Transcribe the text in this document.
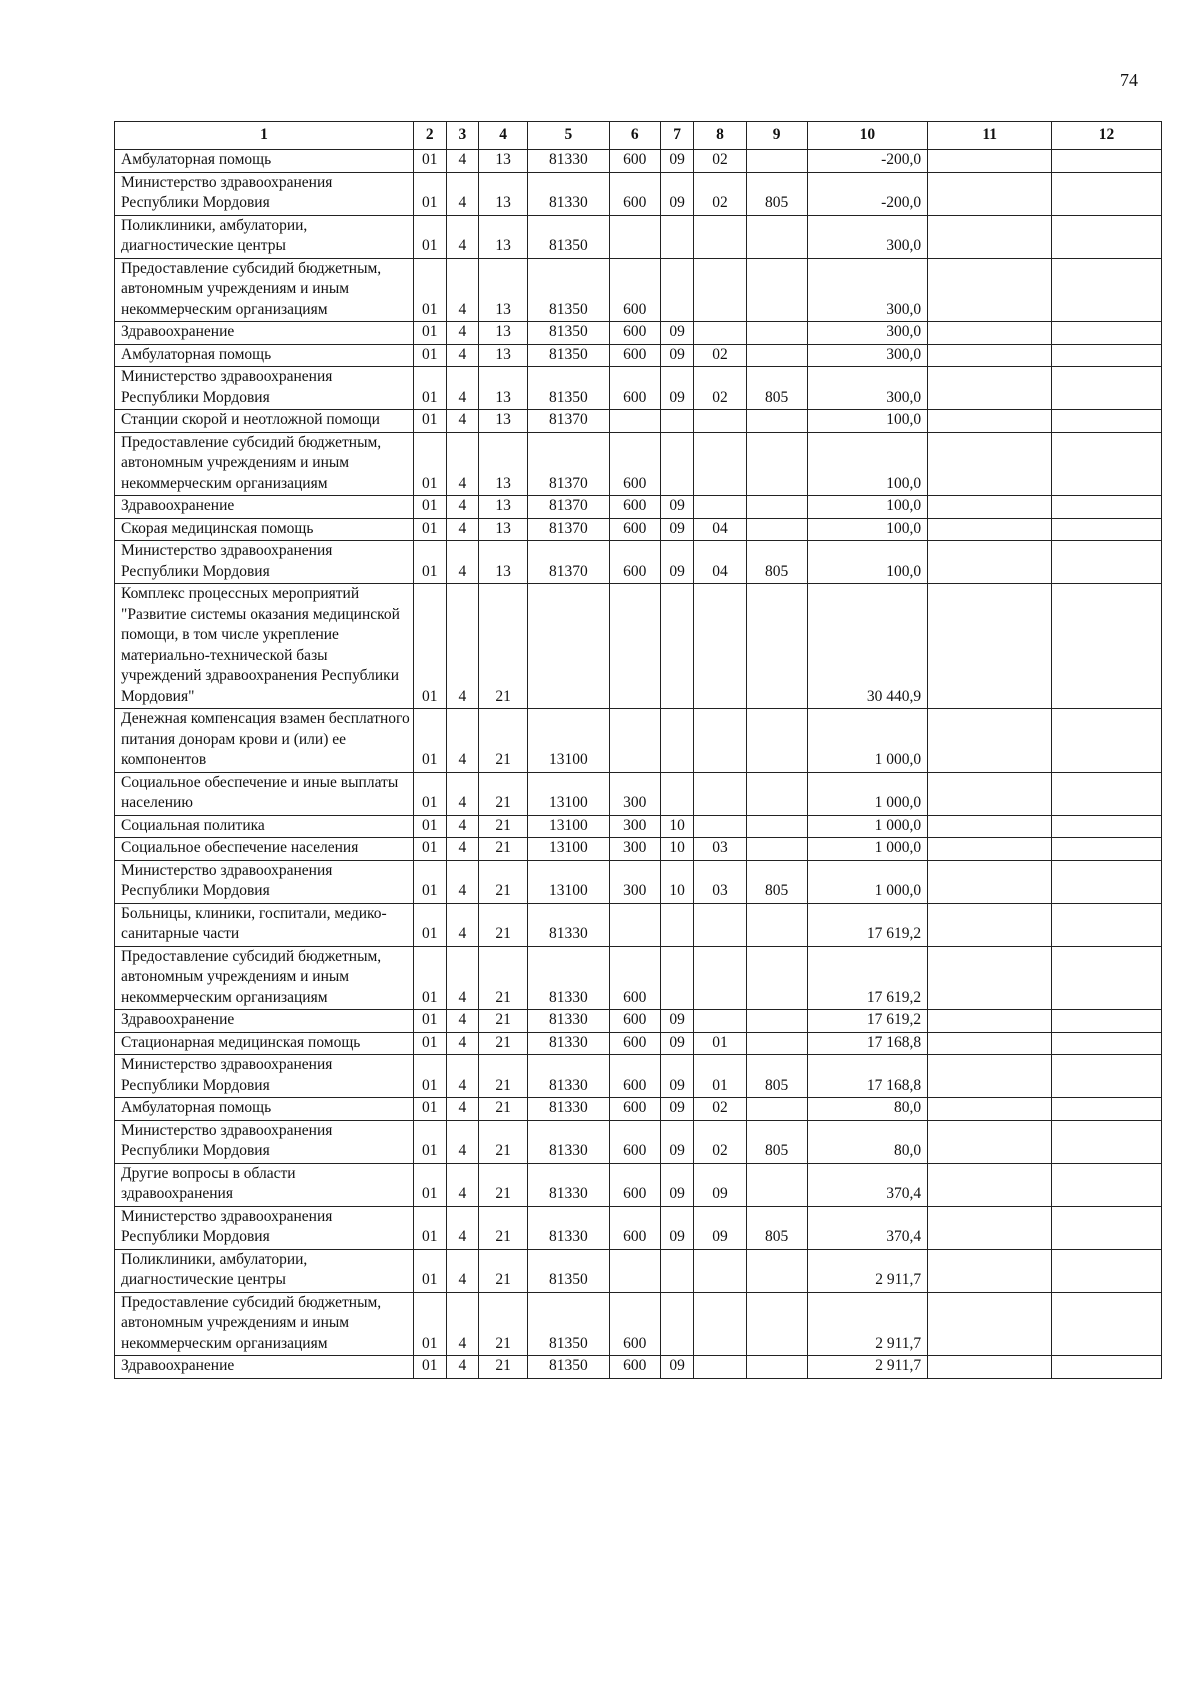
74
1	2	3	4	5	6	7	8	9	10	11	12
Амбулаторная помощь	01	4	13	81330	600	09	02		-200,0		
Министерство здравоохранения Республики Мордовия	01	4	13	81330	600	09	02	805	-200,0		
Поликлиники, амбулатории, диагностические центры	01	4	13	81350					300,0		
Предоставление субсидий бюджетным, автономным учреждениям и иным некоммерческим организациям	01	4	13	81350	600				300,0		
Здравоохранение	01	4	13	81350	600	09			300,0		
Амбулаторная помощь	01	4	13	81350	600	09	02		300,0		
Министерство здравоохранения Республики Мордовия	01	4	13	81350	600	09	02	805	300,0		
Станции скорой и неотложной помощи	01	4	13	81370					100,0		
Предоставление субсидий бюджетным, автономным учреждениям и иным некоммерческим организациям	01	4	13	81370	600				100,0		
Здравоохранение	01	4	13	81370	600	09			100,0		
Скорая медицинская помощь	01	4	13	81370	600	09	04		100,0		
Министерство здравоохранения Республики Мордовия	01	4	13	81370	600	09	04	805	100,0		
Комплекс процессных мероприятий "Развитие системы оказания медицинской помощи, в том числе укрепление материально-технической базы учреждений здравоохранения Республики Мордовия"	01	4	21						30 440,9		
Денежная компенсация взамен бесплатного питания донорам крови и (или) ее компонентов	01	4	21	13100					1 000,0		
Социальное обеспечение и иные выплаты населению	01	4	21	13100	300				1 000,0		
Социальная политика	01	4	21	13100	300	10			1 000,0		
Социальное обеспечение населения	01	4	21	13100	300	10	03		1 000,0		
Министерство здравоохранения Республики Мордовия	01	4	21	13100	300	10	03	805	1 000,0		
Больницы, клиники, госпитали, медико-санитарные части	01	4	21	81330					17 619,2		
Предоставление субсидий бюджетным, автономным учреждениям и иным некоммерческим организациям	01	4	21	81330	600				17 619,2		
Здравоохранение	01	4	21	81330	600	09			17 619,2		
Стационарная медицинская помощь	01	4	21	81330	600	09	01		17 168,8		
Министерство здравоохранения Республики Мордовия	01	4	21	81330	600	09	01	805	17 168,8		
Амбулаторная помощь	01	4	21	81330	600	09	02		80,0		
Министерство здравоохранения Республики Мордовия	01	4	21	81330	600	09	02	805	80,0		
Другие вопросы в области здравоохранения	01	4	21	81330	600	09	09		370,4		
Министерство здравоохранения Республики Мордовия	01	4	21	81330	600	09	09	805	370,4		
Поликлиники, амбулатории, диагностические центры	01	4	21	81350					2 911,7		
Предоставление субсидий бюджетным, автономным учреждениям и иным некоммерческим организациям	01	4	21	81350	600				2 911,7		
Здравоохранение	01	4	21	81350	600	09			2 911,7		
